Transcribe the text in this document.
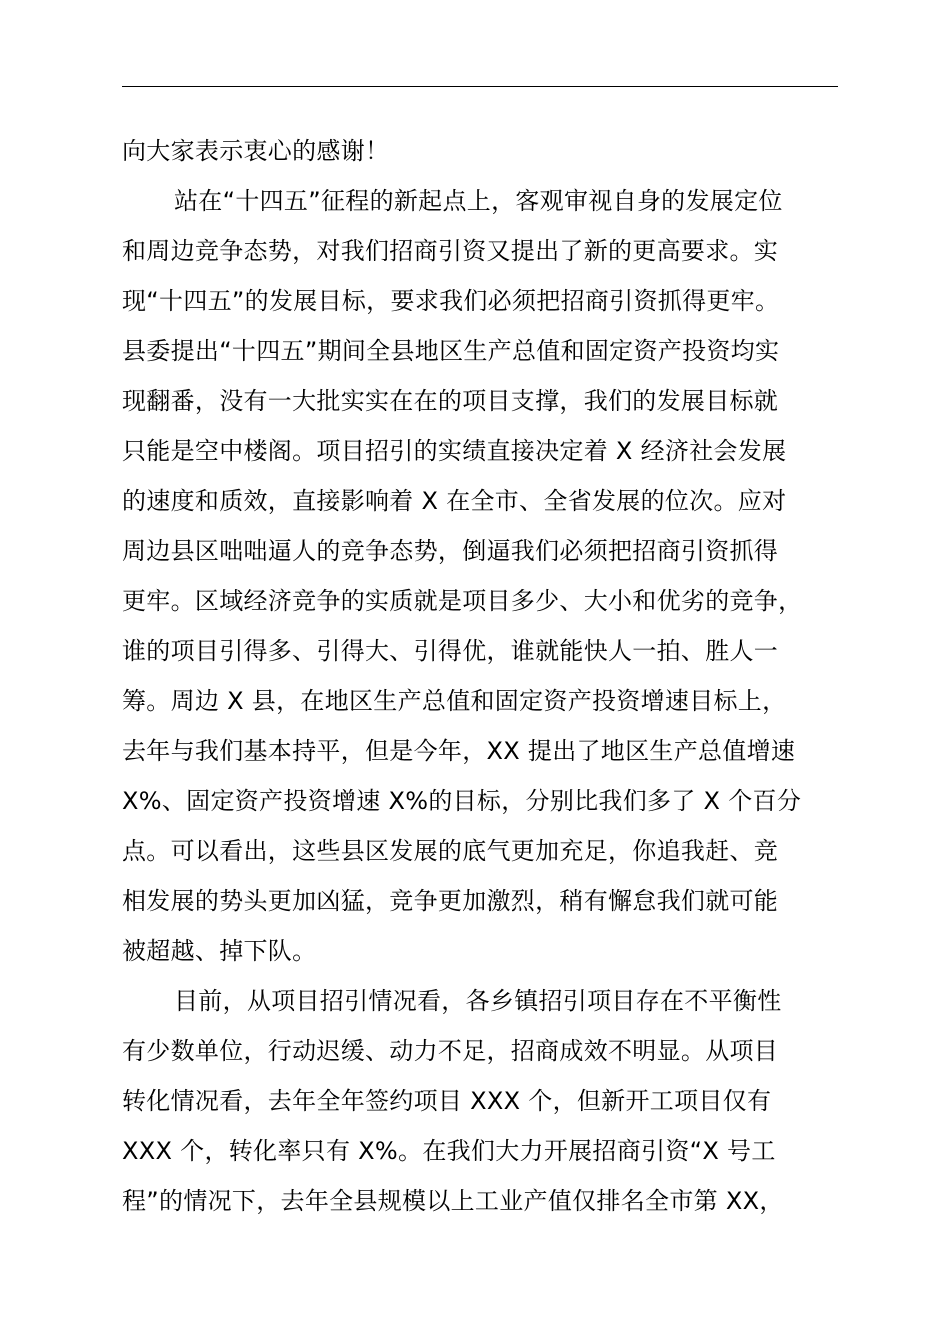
向大家表示衷心的感谢！
站在“十四五”征程的新起点上，客观审视自身的发展定位
和周边竞争态势，对我们招商引资又提出了新的更高要求。实
现“十四五”的发展目标，要求我们必须把招商引资抓得更牢。
县委提出“十四五”期间全县地区生产总值和固定资产投资均实
现翻番，没有一大批实实在在的项目支撑，我们的发展目标就
只能是空中楼阁。项目招引的实绩直接决定着 X 经济社会发展
的速度和质效，直接影响着 X 在全市、全省发展的位次。应对
周边县区咄咄逼人的竞争态势，倒逼我们必须把招商引资抓得
更牢。区域经济竞争的实质就是项目多少、大小和优劣的竞争，
谁的项目引得多、引得大、引得优，谁就能快人一拍、胜人一
筹。周边 X 县，在地区生产总值和固定资产投资增速目标上，
去年与我们基本持平，但是今年，XX 提出了地区生产总值增速
X%、固定资产投资增速 X%的目标，分别比我们多了 X 个百分
点。可以看出，这些县区发展的底气更加充足，你追我赶、竞
相发展的势头更加凶猛，竞争更加激烈，稍有懈怠我们就可能
被超越、掉下队。
目前，从项目招引情况看，各乡镇招引项目存在不平衡性
有少数单位，行动迟缓、动力不足，招商成效不明显。从项目
转化情况看，去年全年签约项目 XXX 个，但新开工项目仅有
XXX 个，转化率只有 X%。在我们大力开展招商引资“X 号工
程”的情况下，去年全县规模以上工业产值仅排名全市第 XX，
